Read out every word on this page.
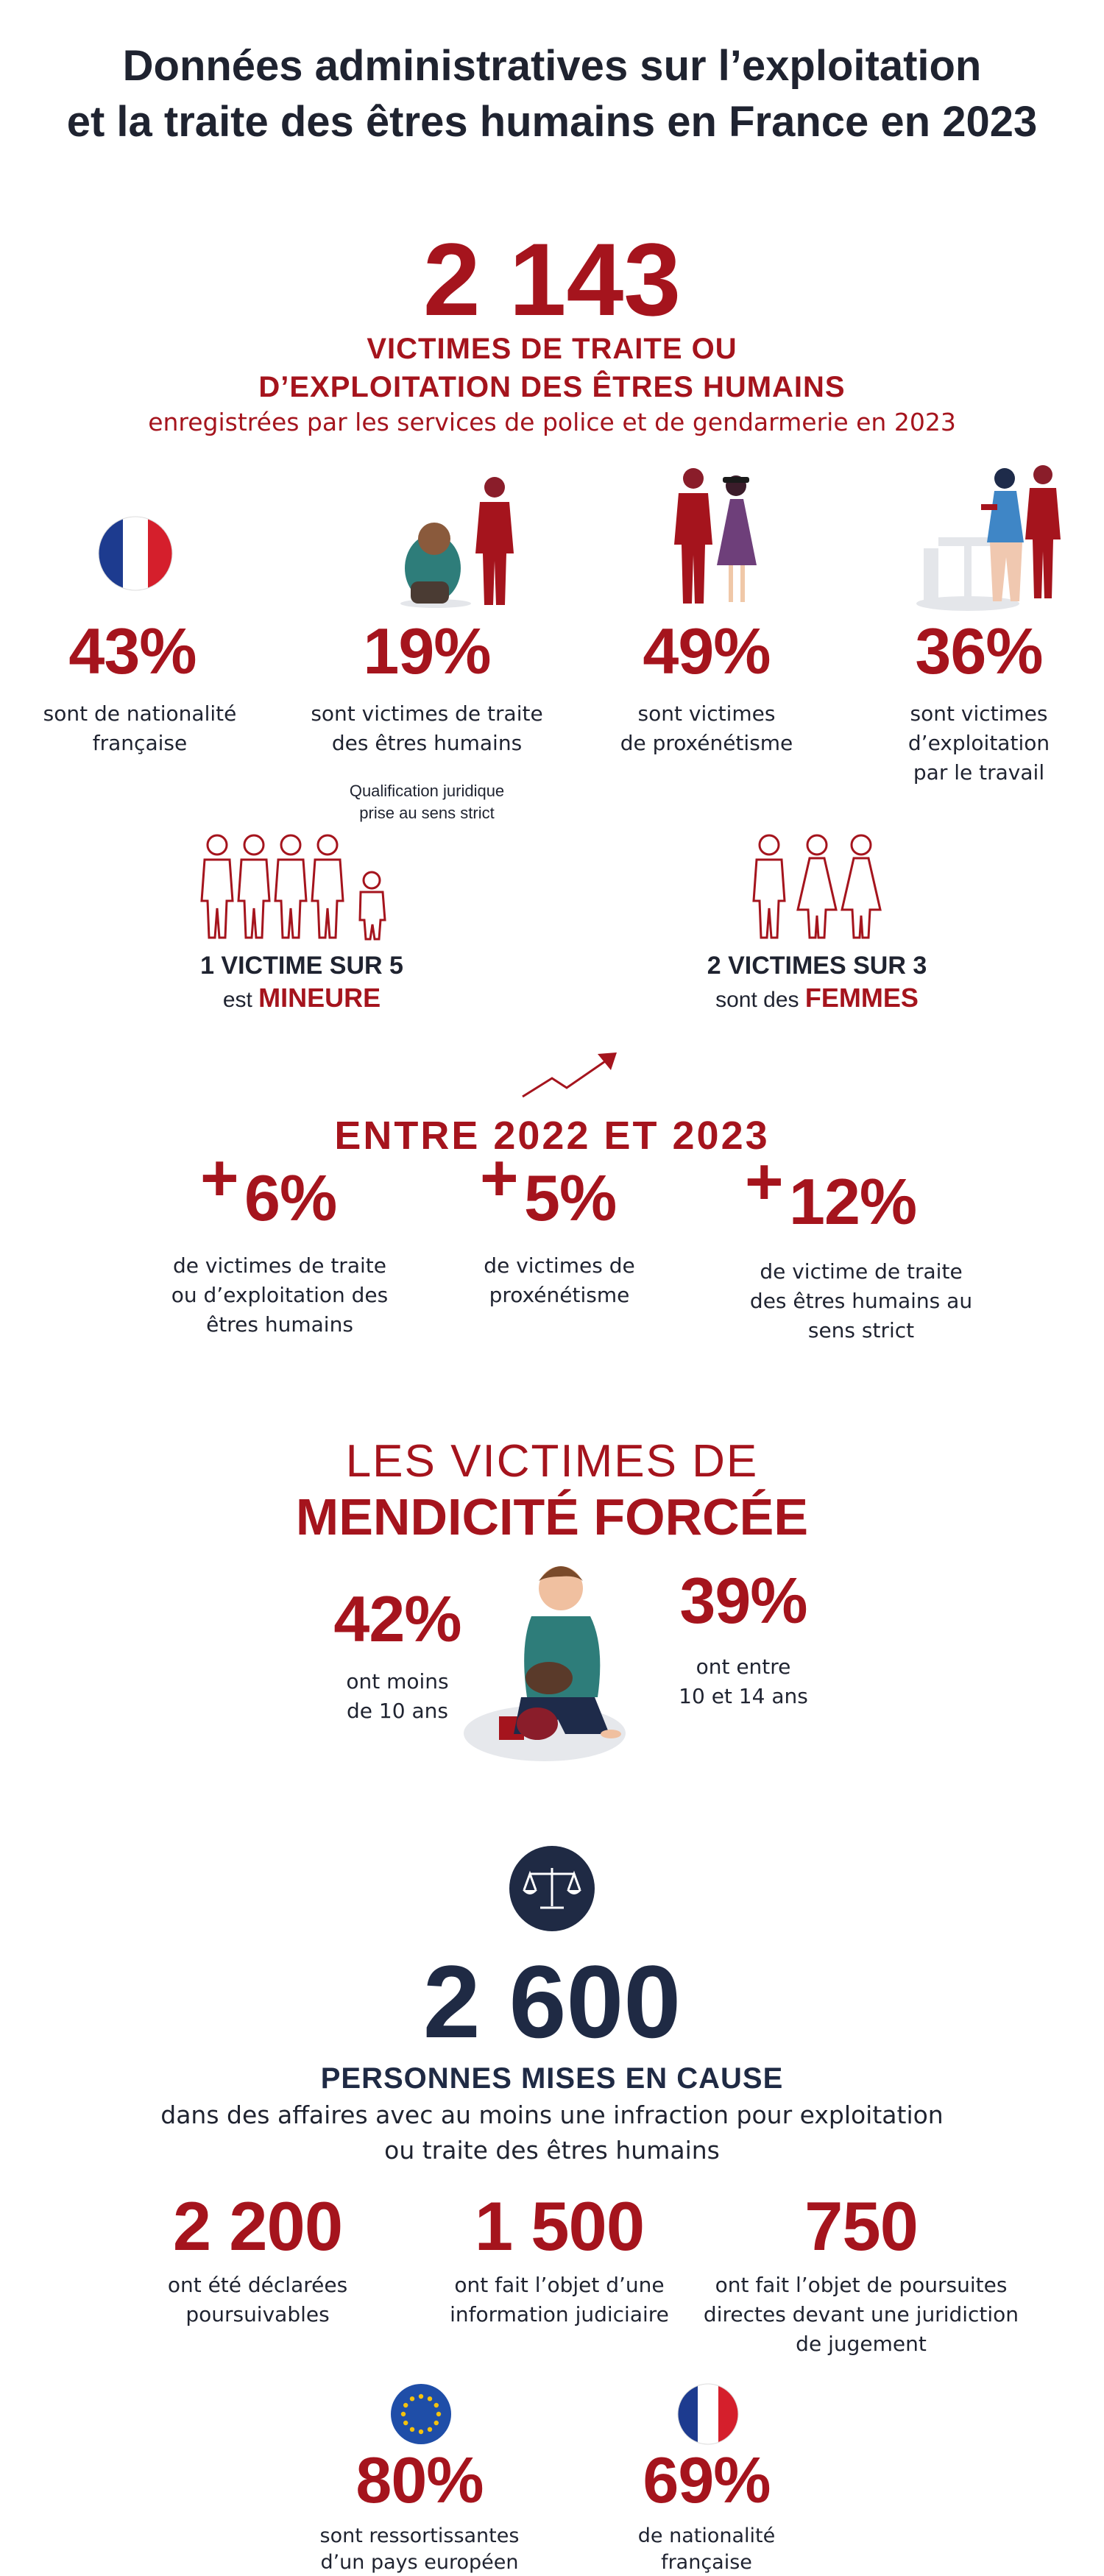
Données administratives sur l’exploitation
et la traite des êtres humains en France en 2023
2 143
VICTIMES DE TRAITE OU
D’EXPLOITATION DES ÊTRES HUMAINS
enregistrées par les services de police et de gendarmerie en 2023
43%
sont de nationalité
française
19%
sont victimes de traite
des êtres humains
Qualification juridique
prise au sens strict
49%
sont victimes
de proxénétisme
36%
sont victimes
d’exploitation
par le travail
1 VICTIME SUR 5
est MINEURE
2 VICTIMES SUR 3
sont des FEMMES
ENTRE 2022 ET 2023
+ 6%
de victimes de traite
ou d’exploitation des
êtres humains
+ 5%
de victimes de
proxénétisme
+ 12%
de victime de traite
des êtres humains au
sens strict
LES VICTIMES DE
MENDICITÉ FORCÉE
42%
ont moins
de 10 ans
39%
ont entre
10 et 14 ans
2 600
PERSONNES MISES EN CAUSE
dans des affaires avec au moins une infraction pour exploitation
ou traite des êtres humains
2 200
ont été déclarées
poursuivables
1 500
ont fait l’objet d’une
information judiciaire
750
ont fait l’objet de poursuites
directes devant une juridiction
de jugement
80%
sont ressortissantes
d’un pays européen
69%
de nationalité
française
